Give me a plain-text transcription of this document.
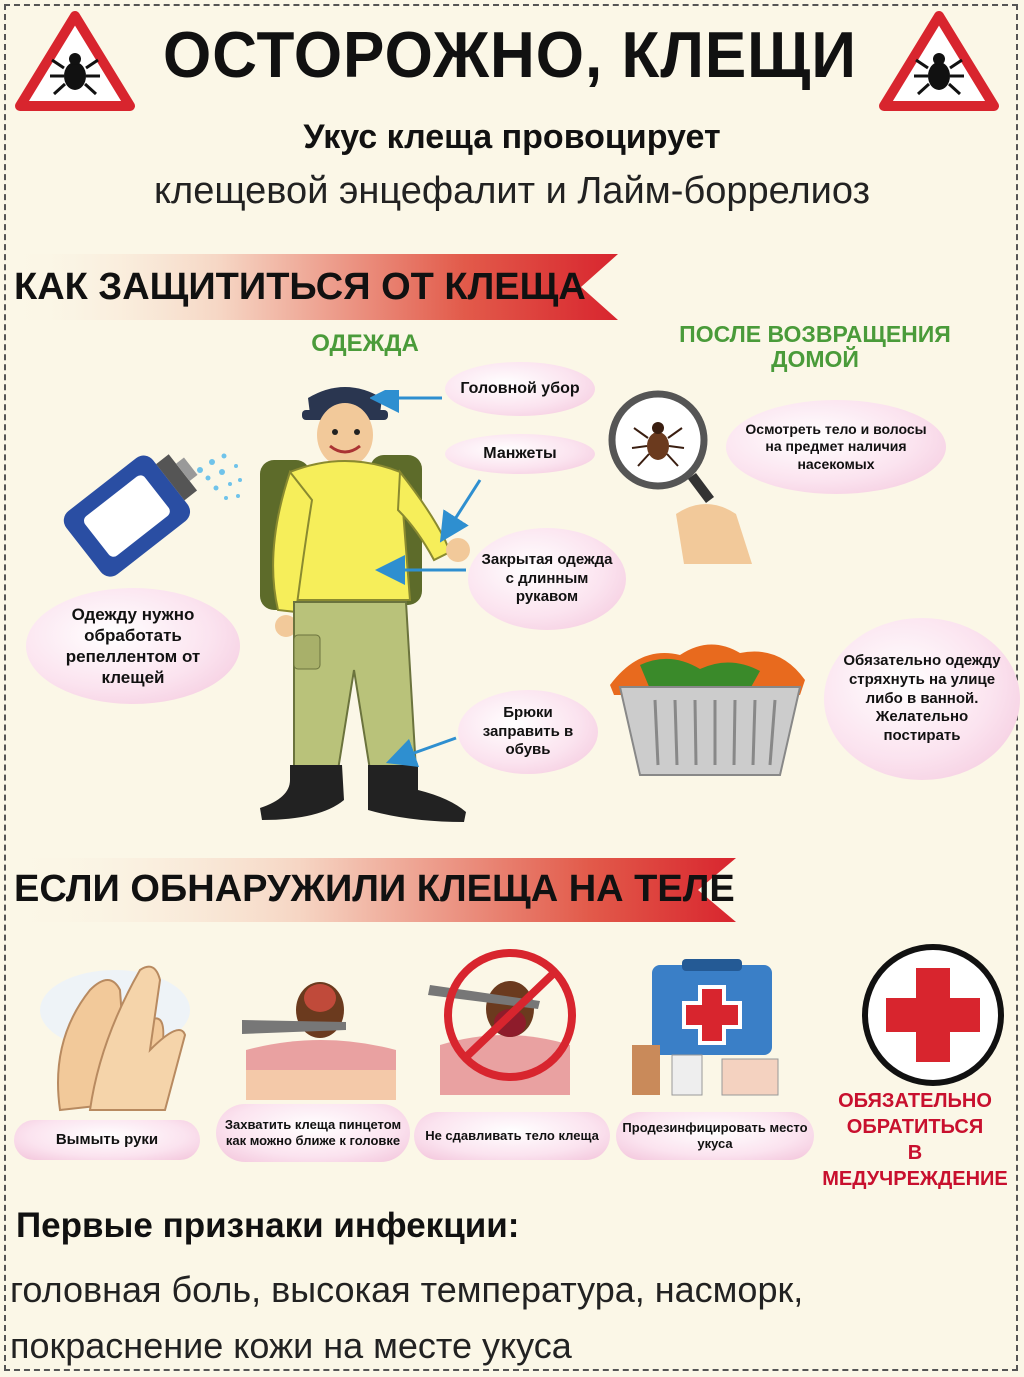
ОСТОРОЖНО, КЛЕЩИ
Укус клеща провоцирует
клещевой энцефалит и Лайм-боррелиоз
КАК ЗАЩИТИТЬСЯ ОТ КЛЕЩА
ОДЕЖДА	ПОСЛЕ ВОЗВРАЩЕНИЯ
ДОМОЙ
Головной убор
Манжеты
Закрытая одежда с длинным рукавом
Брюки заправить в обувь
Одежду нужно обработать репеллентом от клещей
Осмотреть тело и волосы на предмет наличия насекомых
Обязательно одежду стряхнуть на улице либо в ванной. Желательно постирать
ЕСЛИ ОБНАРУЖИЛИ КЛЕЩА НА ТЕЛЕ
Вымыть руки
Захватить клеща пинцетом как можно ближе к головке	Не сдавливать тело клеща
Продезинфицировать место укуса
ОБЯЗАТЕЛЬНО
ОБРАТИТЬСЯ
В МЕДУЧРЕЖДЕНИЕ
Первые признаки инфекции:
головная боль, высокая температура, насморк, покраснение кожи на месте укуса
